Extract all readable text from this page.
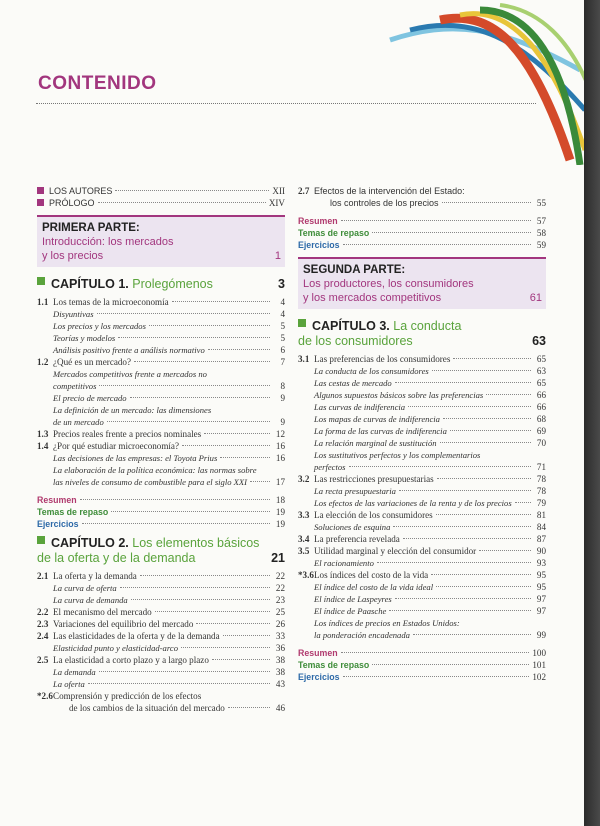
CONTENIDO
LOS AUTORES	XII
PRÓLOGO	XIV
PRIMERA PARTE:
Introducción: los mercados
y los precios	1
CAPÍTULO 1. Prolegómenos	3
1.1 Los temas de la microeconomía	4
Disyuntivas	4
Los precios y los mercados	5
Teorías y modelos	5
Análisis positivo frente a análisis normativo	6
1.2 ¿Qué es un mercado?	7
Mercados competitivos frente a mercados no
competitivos	8
El precio de mercado	9
La definición de un mercado: las dimensiones
de un mercado	9
1.3 Precios reales frente a precios nominales	12
1.4 ¿Por qué estudiar microeconomía?	16
Las decisiones de las empresas: el Toyota Prius	16
La elaboración de la política económica: las normas sobre
las niveles de consumo de combustible para el siglo XXI	17
Resumen	18
Temas de repaso	19
Ejercicios	19
CAPÍTULO 2. Los elementos básicos
de la oferta y de la demanda	21
2.1 La oferta y la demanda	22
La curva de oferta	22
La curva de demanda	23
2.2 El mecanismo del mercado	25
2.3 Variaciones del equilibrio del mercado	26
2.4 Las elasticidades de la oferta y de la demanda	33
Elasticidad punto y elasticidad-arco	36
2.5 La elasticidad a corto plazo y a largo plazo	38
La demanda	38
La oferta	43
*2.6 Comprensión y predicción de los efectos
de los cambios de la situación del mercado	46
2.7 Efectos de la intervención del Estado:
los controles de los precios	55
Resumen	57
Temas de repaso	58
Ejercicios	59
SEGUNDA PARTE:
Los productores, los consumidores
y los mercados competitivos	61
CAPÍTULO 3. La conducta
de los consumidores	63
3.1 Las preferencias de los consumidores	65
La conducta de los consumidores	63
Las cestas de mercado	65
Algunos supuestos básicos sobre las preferencias	66
Las curvas de indiferencia	66
Los mapas de curvas de indiferencia	68
La forma de las curvas de indiferencia	69
La relación marginal de sustitución	70
Los sustitutivos perfectos y los complementarios
perfectos	71
3.2 Las restricciones presupuestarias	78
La recta presupuestaria	78
Los efectos de las variaciones de la renta y de los precios	79
3.3 La elección de los consumidores	81
Soluciones de esquina	84
3.4 La preferencia revelada	87
3.5 Utilidad marginal y elección del consumidor	90
El racionamiento	93
*3.6 Los índices del costo de la vida	95
El índice del costo de la vida ideal	95
El índice de Laspeyres	97
El índice de Paasche	97
Los índices de precios en Estados Unidos:
la ponderación encadenada	99
Resumen	100
Temas de repaso	101
Ejercicios	102
